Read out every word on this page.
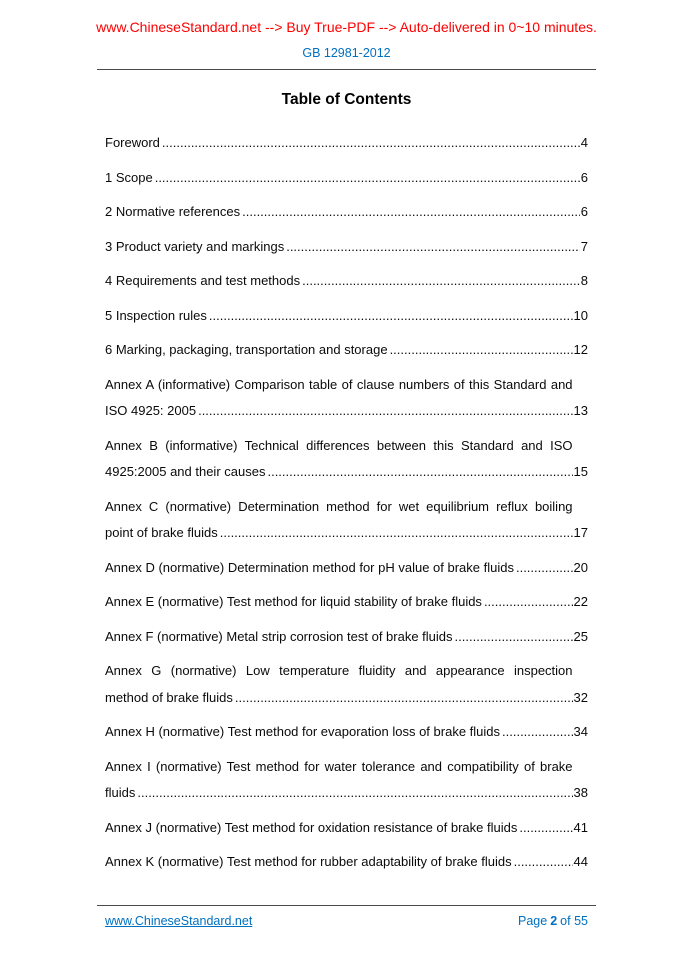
www.ChineseStandard.net --> Buy True-PDF --> Auto-delivered in 0~10 minutes.
GB 12981-2012
Table of Contents
Foreword .....	4
1 Scope .....	6
2 Normative references .....	6
3 Product variety and markings .....	7
4 Requirements and test methods .....	8
5 Inspection rules .....	10
6 Marking, packaging, transportation and storage .....	12
Annex A (informative) Comparison table of clause numbers of this Standard and ISO 4925: 2005 .....	13
Annex B (informative) Technical differences between this Standard and ISO 4925:2005 and their causes .....	15
Annex C (normative) Determination method for wet equilibrium reflux boiling point of brake fluids .....	17
Annex D (normative) Determination method for pH value of brake fluids .....	20
Annex E (normative) Test method for liquid stability of brake fluids .....	22
Annex F (normative) Metal strip corrosion test of brake fluids .....	25
Annex G (normative) Low temperature fluidity and appearance inspection method of brake fluids .....	32
Annex H (normative) Test method for evaporation loss of brake fluids .....	34
Annex I (normative) Test method for water tolerance and compatibility of brake fluids .....	38
Annex J (normative) Test method for oxidation resistance of brake fluids .....	41
Annex K (normative) Test method for rubber adaptability of brake fluids .....	44
www.ChineseStandard.net	Page 2 of 55
